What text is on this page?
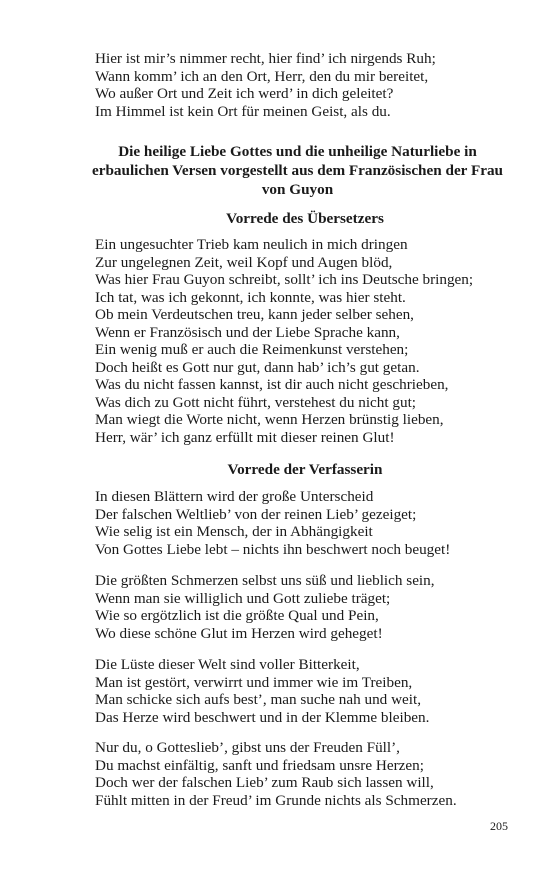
Hier ist mir’s nimmer recht, hier find’ ich nirgends Ruh;
Wann komm’ ich an den Ort, Herr, den du mir bereitet,
Wo außer Ort und Zeit ich werd’ in dich geleitet?
Im Himmel ist kein Ort für meinen Geist, als du.
Die heilige Liebe Gottes und die unheilige Naturliebe in erbaulichen Versen vorgestellt aus dem Französischen der Frau von Guyon
Vorrede des Übersetzers
Ein ungesuchter Trieb kam neulich in mich dringen
Zur ungelegnen Zeit, weil Kopf und Augen blöd,
Was hier Frau Guyon schreibt, sollt’ ich ins Deutsche bringen;
Ich tat, was ich gekonnt, ich konnte, was hier steht.
Ob mein Verdeutschen treu, kann jeder selber sehen,
Wenn er Französisch und der Liebe Sprache kann,
Ein wenig muß er auch die Reimenkunst verstehen;
Doch heißt es Gott nur gut, dann hab’ ich’s gut getan.
Was du nicht fassen kannst, ist dir auch nicht geschrieben,
Was dich zu Gott nicht führt, verstehest du nicht gut;
Man wiegt die Worte nicht, wenn Herzen brünstig lieben,
Herr, wär’ ich ganz erfüllt mit dieser reinen Glut!
Vorrede der Verfasserin
In diesen Blättern wird der große Unterscheid
Der falschen Weltlieb’ von der reinen Lieb’ gezeiget;
Wie selig ist ein Mensch, der in Abhängigkeit
Von Gottes Liebe lebt – nichts ihn beschwert noch beuget!
Die größten Schmerzen selbst uns süß und lieblich sein,
Wenn man sie williglich und Gott zuliebe träget;
Wie so ergötzlich ist die größte Qual und Pein,
Wo diese schöne Glut im Herzen wird geheget!
Die Lüste dieser Welt sind voller Bitterkeit,
Man ist gestört, verwirrt und immer wie im Treiben,
Man schicke sich aufs best’, man suche nah und weit,
Das Herze wird beschwert und in der Klemme bleiben.
Nur du, o Gotteslieb’, gibst uns der Freuden Füll’,
Du machst einfältig, sanft und friedsam unsre Herzen;
Doch wer der falschen Lieb’ zum Raub sich lassen will,
Fühlt mitten in der Freud’ im Grunde nichts als Schmerzen.
205
